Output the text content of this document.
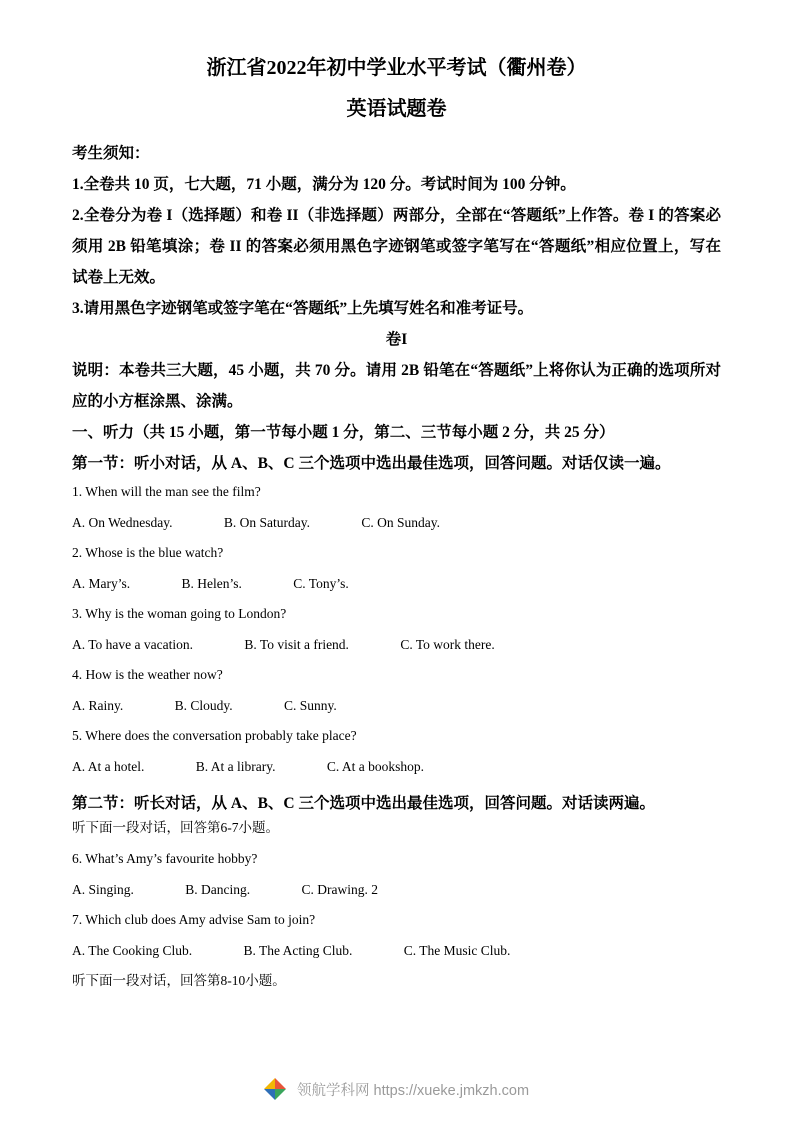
浙江省2022年初中学业水平考试（衢州卷）
英语试题卷

考生须知：

1.全卷共 10 页，七大题，71 小题，满分为 120 分。考试时间为 100 分钟。

2.全卷分为卷 I（选择题）和卷 II（非选择题）两部分，全部在“答题纸”上作答。卷 I 的答案必须用 2B 铅笔填涂；卷 II 的答案必须用黑色字迹钢笔或签字笔写在“答题纸”相应位置上，写在试卷上无效。

3.请用黑色字迹钢笔或签字笔在“答题纸”上先填写姓名和准考证号。

卷I

说明：本卷共三大题，45 小题，共 70 分。请用 2B 铅笔在“答题纸”上将你认为正确的选项所对应的小方框涂黑、涂满。

一、听力（共 15 小题，第一节每小题 1 分，第二、三节每小题 2 分，共 25 分）

第一节：听小对话，从 A、B、C 三个选项中选出最佳选项，回答问题。对话仅读一遍。

1. When will the man see the film?

A. On Wednesday.	B. On Saturday.	C. On Sunday.

2. Whose is the blue watch?

A. Mary’s.	B. Helen’s.	C. Tony’s.

3. Why is the woman going to London?

A. To have a vacation.	B. To visit a friend.	C. To work there.

4. How is the weather now?

A. Rainy.	B. Cloudy.	C. Sunny.

5. Where does the conversation probably take place?

A. At a hotel.	B. At a library.	C. At a bookshop.

第二节：听长对话，从 A、B、C 三个选项中选出最佳选项，回答问题。对话读两遍。

听下面一段对话，回答第6-7小题。

6. What’s Amy’s favourite hobby?

A. Singing.	B. Dancing.	C. Drawing. 2

7. Which club does Amy advise Sam to join?

A. The Cooking Club.	B. The Acting Club.	C. The Music Club.

听下面一段对话，回答第8-10小题。

领航学科网 https://xueke.jmkzh.com
